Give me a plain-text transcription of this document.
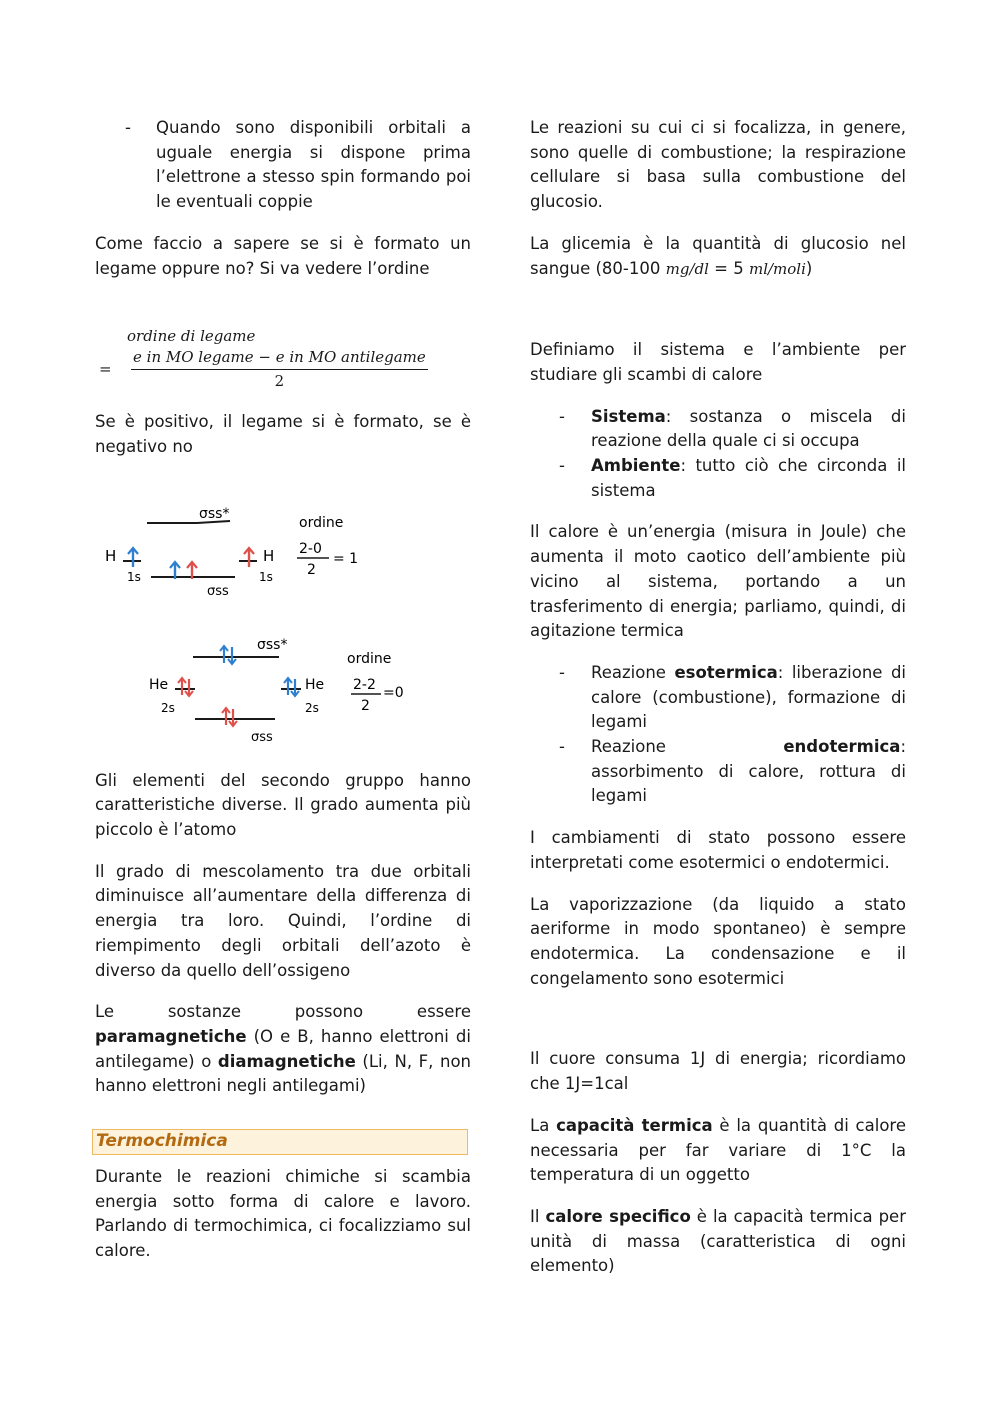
- Quando sono disponibili orbitali a uguale energia si dispone prima l’elettrone a stesso spin formando poi le eventuali coppie

Come faccio a sapere se si è formato un legame oppure no? Si va vedere l’ordine

ordine di legame
=	$\frac{\text{e in MO legame − e in MO antilegame}}{2}$

Se è positivo, il legame si è formato, se è negativo no

σss*
H
1s
H
1s
σss
ordine
2-0
2
= 1
σss*
He
2s
He
2s
σss
ordine
2-2
2
=0

Gli elementi del secondo gruppo hanno caratteristiche diverse. Il grado aumenta più piccolo è l’atomo

Il grado di mescolamento tra due orbitali diminuisce all’aumentare della differenza di energia tra loro. Quindi, l’ordine di riempimento degli orbitali dell’azoto è diverso da quello dell’ossigeno

Le sostanze possono essere paramagnetiche (O e B, hanno elettroni di antilegame) o diamagnetiche (Li, N, F, non hanno elettroni negli antilegami)

Termochimica

Durante le reazioni chimiche si scambia energia sotto forma di calore e lavoro. Parlando di termochimica, ci focalizziamo sul calore.

Le reazioni su cui ci si focalizza, in genere, sono quelle di combustione; la respirazione cellulare si basa sulla combustione del glucosio.

La glicemia è la quantità di glucosio nel sangue (80-100 mg/dl = 5 ml/moli)

Definiamo il sistema e l’ambiente per studiare gli scambi di calore

- Sistema: sostanza o miscela di reazione della quale ci si occupa
- Ambiente: tutto ciò che circonda il sistema

Il calore è un’energia (misura in Joule) che aumenta il moto caotico dell’ambiente più vicino al sistema, portando a un trasferimento di energia; parliamo, quindi, di agitazione termica

- Reazione esotermica: liberazione di calore (combustione), formazione di legami
- Reazione endotermica: assorbimento di calore, rottura di legami

I cambiamenti di stato possono essere interpretati come esotermici o endotermici.

La vaporizzazione (da liquido a stato aeriforme in modo spontaneo) è sempre endotermica. La condensazione e il congelamento sono esotermici

Il cuore consuma 1J di energia; ricordiamo che 1J=1cal

La capacità termica è la quantità di calore necessaria per far variare di 1°C la temperatura di un oggetto

Il calore specifico è la capacità termica per unità di massa (caratteristica di ogni elemento)
